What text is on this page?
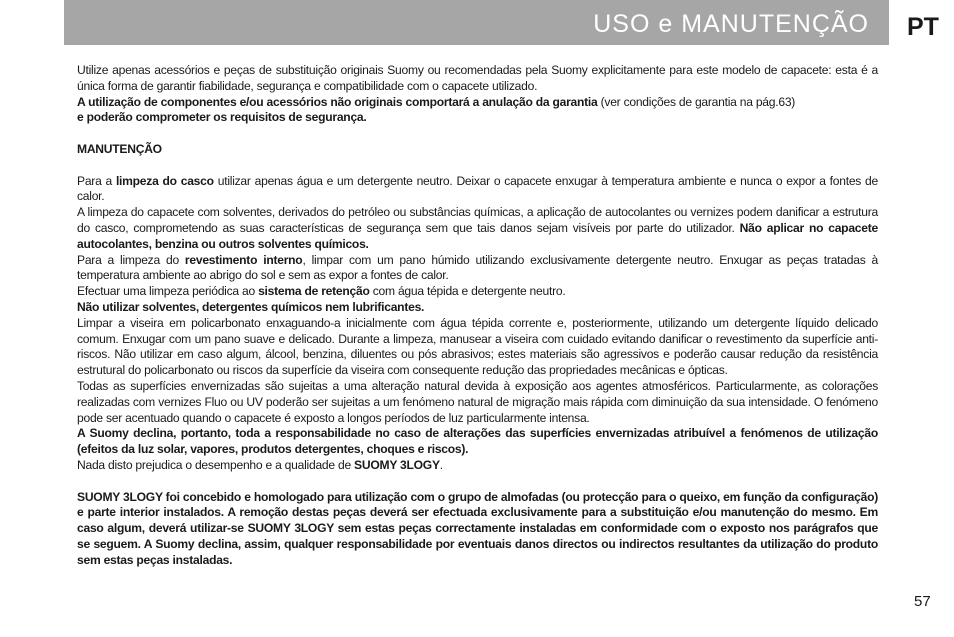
USO e MANUTENÇÃO PT

Utilize apenas acessórios e peças de substituição originais Suomy ou recomendadas pela Suomy explicitamente para este modelo de capacete: esta é a única forma de garantir fiabilidade, segurança e compatibilidade com o capacete utilizado.
A utilização de componentes e/ou acessórios não originais comportará a anulação da garantia (ver condições de garantia na pág.63)
e poderão comprometer os requisitos de segurança.

MANUTENÇÃO

Para a limpeza do casco utilizar apenas água e um detergente neutro. Deixar o capacete enxugar à temperatura ambiente e nunca o expor a fontes de calor.

A limpeza do capacete com solventes, derivados do petróleo ou substâncias químicas, a aplicação de autocolantes ou vernizes podem danificar a estrutura do casco, comprometendo as suas características de segurança sem que tais danos sejam visíveis por parte do utilizador. Não aplicar no capacete autocolantes, benzina ou outros solventes químicos.

Para a limpeza do revestimento interno, limpar com um pano húmido utilizando exclusivamente detergente neutro. Enxugar as peças tratadas à temperatura ambiente ao abrigo do sol e sem as expor a fontes de calor.

Efectuar uma limpeza periódica ao sistema de retenção com água tépida e detergente neutro.

Não utilizar solventes, detergentes químicos nem lubrificantes.

Limpar a viseira em policarbonato enxaguando-a inicialmente com água tépida corrente e, posteriormente, utilizando um detergente líquido delicado comum. Enxugar com um pano suave e delicado. Durante a limpeza, manusear a viseira com cuidado evitando danificar o revestimento da superfície anti-riscos. Não utilizar em caso algum, álcool, benzina, diluentes ou pós abrasivos; estes materiais são agressivos e poderão causar redução da resistência estrutural do policarbonato ou riscos da superfície da viseira com consequente redução das propriedades mecânicas e ópticas.

Todas as superfícies envernizadas são sujeitas a uma alteração natural devida à exposição aos agentes atmosféricos. Particularmente, as colorações realizadas com vernizes Fluo ou UV poderão ser sujeitas a um fenómeno natural de migração mais rápida com diminuição da sua intensidade. O fenómeno pode ser acentuado quando o capacete é exposto a longos períodos de luz particularmente intensa.

A Suomy declina, portanto, toda a responsabilidade no caso de alterações das superfícies envernizadas atribuível a fenómenos de utilização (efeitos da luz solar, vapores, produtos detergentes, choques e riscos).

Nada disto prejudica o desempenho e a qualidade de SUOMY 3LOGY.

SUOMY 3LOGY foi concebido e homologado para utilização com o grupo de almofadas (ou protecção para o queixo, em função da configuração) e parte interior instalados. A remoção destas peças deverá ser efectuada exclusivamente para a substituição e/ou manutenção do mesmo. Em caso algum, deverá utilizar-se SUOMY 3LOGY sem estas peças correctamente instaladas em conformidade com o exposto nos parágrafos que se seguem. A Suomy declina, assim, qualquer responsabilidade por eventuais danos directos ou indirectos resultantes da utilização do produto sem estas peças instaladas.

57
